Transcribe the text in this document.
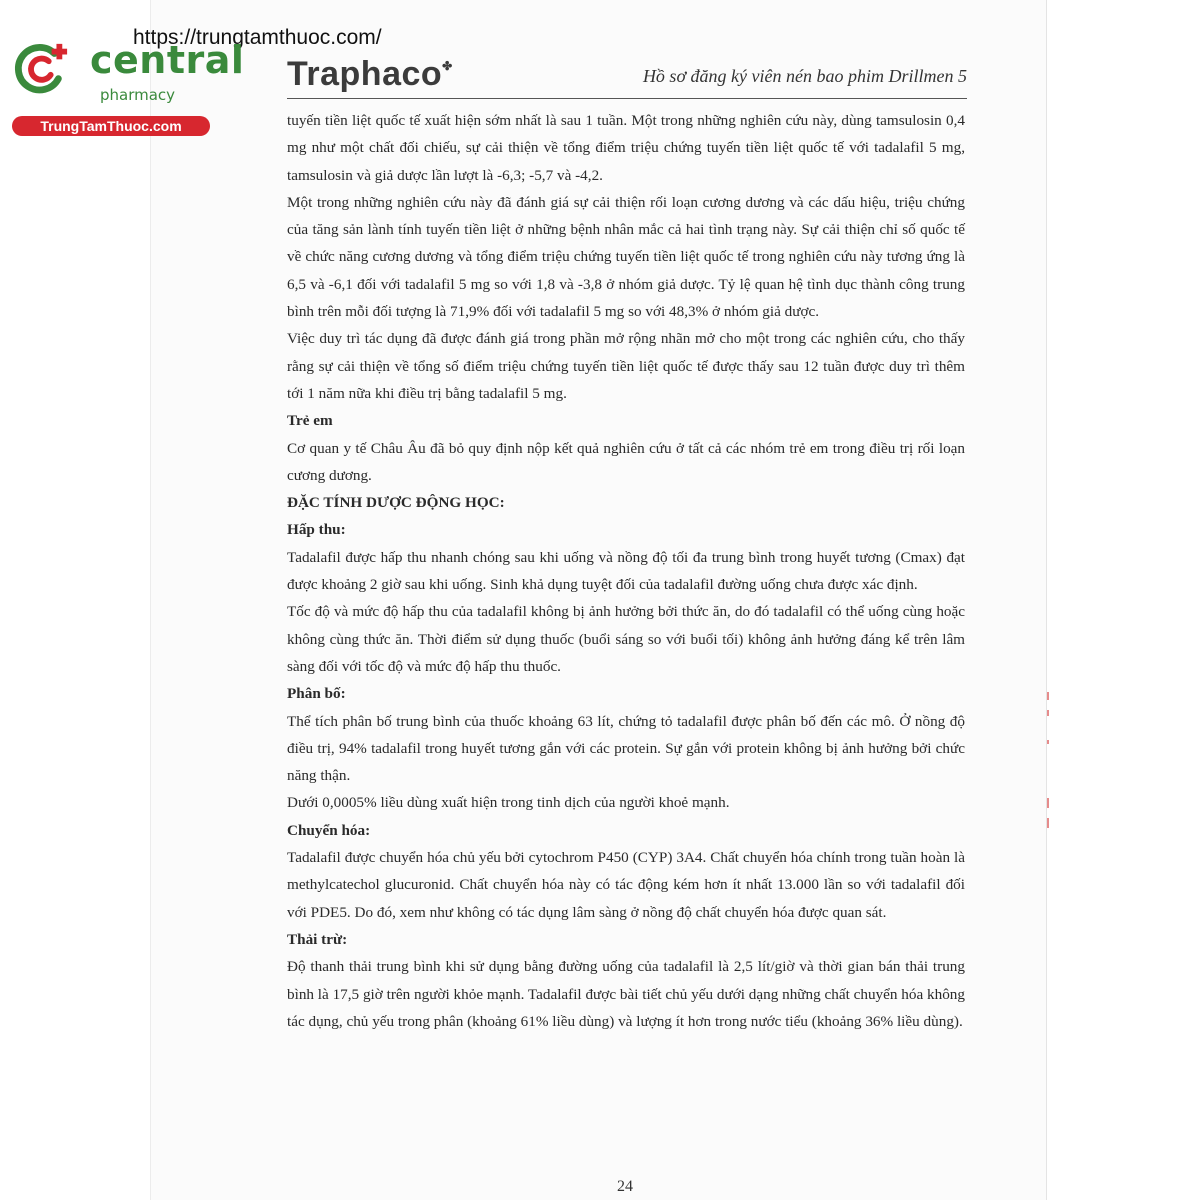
https://trungtamthuoc.com/
central
pharmacy
TrungTamThuoc.com
Traphaco✤	Hồ sơ đăng ký viên nén bao phim Drillmen 5

tuyến tiền liệt quốc tế xuất hiện sớm nhất là sau 1 tuần. Một trong những nghiên cứu này, dùng tamsulosin 0,4 mg như một chất đối chiếu, sự cải thiện về tổng điểm triệu chứng tuyến tiền liệt quốc tế với tadalafil 5 mg, tamsulosin và giả dược lần lượt là -6,3; -5,7 và -4,2.

Một trong những nghiên cứu này đã đánh giá sự cải thiện rối loạn cương dương và các dấu hiệu, triệu chứng của tăng sản lành tính tuyến tiền liệt ở những bệnh nhân mắc cả hai tình trạng này. Sự cải thiện chỉ số quốc tế về chức năng cương dương và tổng điểm triệu chứng tuyến tiền liệt quốc tế trong nghiên cứu này tương ứng là 6,5 và -6,1 đối với tadalafil 5 mg so với 1,8 và -3,8 ở nhóm giả dược. Tỷ lệ quan hệ tình dục thành công trung bình trên mỗi đối tượng là 71,9% đối với tadalafil 5 mg so với 48,3% ở nhóm giả dược.

Việc duy trì tác dụng đã được đánh giá trong phần mở rộng nhãn mở cho một trong các nghiên cứu, cho thấy rằng sự cải thiện về tổng số điểm triệu chứng tuyến tiền liệt quốc tế được thấy sau 12 tuần được duy trì thêm tới 1 năm nữa khi điều trị bằng tadalafil 5 mg.

Trẻ em

Cơ quan y tế Châu Âu đã bỏ quy định nộp kết quả nghiên cứu ở tất cả các nhóm trẻ em trong điều trị rối loạn cương dương.

ĐẶC TÍNH DƯỢC ĐỘNG HỌC:

Hấp thu:

Tadalafil được hấp thu nhanh chóng sau khi uống và nồng độ tối đa trung bình trong huyết tương (Cmax) đạt được khoảng 2 giờ sau khi uống. Sinh khả dụng tuyệt đối của tadalafil đường uống chưa được xác định.

Tốc độ và mức độ hấp thu của tadalafil không bị ảnh hưởng bởi thức ăn, do đó tadalafil có thể uống cùng hoặc không cùng thức ăn. Thời điểm sử dụng thuốc (buổi sáng so với buổi tối) không ảnh hưởng đáng kể trên lâm sàng đối với tốc độ và mức độ hấp thu thuốc.

Phân bố:

Thể tích phân bố trung bình của thuốc khoảng 63 lít, chứng tỏ tadalafil được phân bố đến các mô. Ở nồng độ điều trị, 94% tadalafil trong huyết tương gắn với các protein. Sự gắn với protein không bị ảnh hưởng bởi chức năng thận.

Dưới 0,0005% liều dùng xuất hiện trong tinh dịch của người khoẻ mạnh.

Chuyển hóa:

Tadalafil được chuyển hóa chủ yếu bởi cytochrom P450 (CYP) 3A4. Chất chuyển hóa chính trong tuần hoàn là methylcatechol glucuronid. Chất chuyển hóa này có tác động kém hơn ít nhất 13.000 lần so với tadalafil đối với PDE5. Do đó, xem như không có tác dụng lâm sàng ở nồng độ chất chuyển hóa được quan sát.

Thải trừ:

Độ thanh thải trung bình khi sử dụng bằng đường uống của tadalafil là 2,5 lít/giờ và thời gian bán thải trung bình là 17,5 giờ trên người khỏe mạnh. Tadalafil được bài tiết chủ yếu dưới dạng những chất chuyển hóa không tác dụng, chủ yếu trong phân (khoảng 61% liều dùng) và lượng ít hơn trong nước tiểu (khoảng 36% liều dùng).

24
